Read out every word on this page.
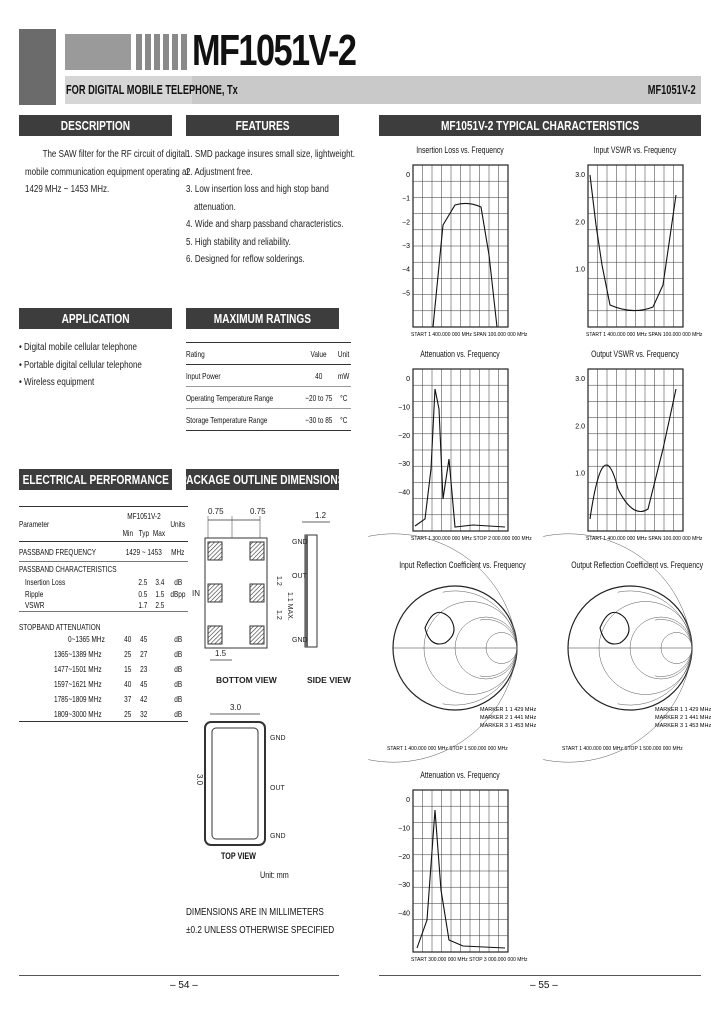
MF1051V-2
FOR DIGITAL MOBILE TELEPHONE, Tx	MF1051V-2
DESCRIPTION
The SAW filter for the RF circuit of digital
mobile communication equipment operating at
1429 MHz ~ 1453 MHz.
FEATURES
1. SMD package insures small size, lightweight.
2. Adjustment free.
3. Low insertion loss and high stop band
attenuation.
4. Wide and sharp passband characteristics.
5. High stability and reliability.
6. Designed for reflow solderings.
APPLICATION
• Digital mobile cellular telephone
• Portable digital cellular telephone
• Wireless equipment
MAXIMUM RATINGS
Rating	Value	Unit
Input Power	40	mW
Operating Temperature Range	−20 to 75	°C
Storage Temperature Range	−30 to 85	°C
ELECTRICAL PERFORMANCE
Parameter	MF1051V-2			Units
	Min	Typ	Max	
PASSBAND FREQUENCY	1429 ~ 1453			MHz
PASSBAND CHARACTERISTICS				
Insertion Loss		2.5	3.4	dB
Ripple		0.5	1.5	dBpp
VSWR		1.7	2.5	
STOPBAND ATTENUATION				
0~1365 MHz	40	45		dB
1365~1389 MHz	25	27		dB
1477~1501 MHz	15	23		dB
1597~1621 MHz	40	45		dB
1785~1809 MHz	37	42		dB
1809~3000 MHz	25	32		dB
PACKAGE OUTLINE DIMENSIONS
0.75	0.75
IN
1.2
1.2
1.5
BOTTOM VIEW
1.2
GND
OUT
GND
1.1 MAX.
SIDE VIEW
3.0
3.0
GND
OUT
GND
TOP VIEW
Unit: mm
DIMENSIONS ARE IN MILLIMETERS
±0.2 UNLESS OTHERWISE SPECIFIED
– 54 –
MF1051V-2 TYPICAL CHARACTERISTICS
Insertion Loss vs. Frequency
0
−1
−2
−3
−4
−5
START 1 400.000 000 MHz SPAN 100.000 000 MHz
Input VSWR vs. Frequency
3.0
2.0
1.0
START 1 400.000 000 MHz SPAN 100.000 000 MHz
Attenuation vs. Frequency
0
−10
−20
−30
−40
START 1 300.000 000 MHz STOP 2 000.000 000 MHz
Output VSWR vs. Frequency
3.0
2.0
1.0
START 1 400.000 000 MHz SPAN 100.000 000 MHz
Input Reflection Coefficient vs. Frequency
MARKER 1 1 429 MHz
MARKER 2 1 441 MHz
MARKER 3 1 453 MHz
START 1 400.000 000 MHz STOP 1 500.000 000 MHz
Output Reflection Coefficient vs. Frequency
MARKER 1 1 429 MHz
MARKER 2 1 441 MHz
MARKER 3 1 453 MHz
START 1 400.000 000 MHz STOP 1 500.000 000 MHz
Attenuation vs. Frequency
0
−10
−20
−30
−40
START 300.000 000 MHz STOP 3 000.000 000 MHz
– 55 –
